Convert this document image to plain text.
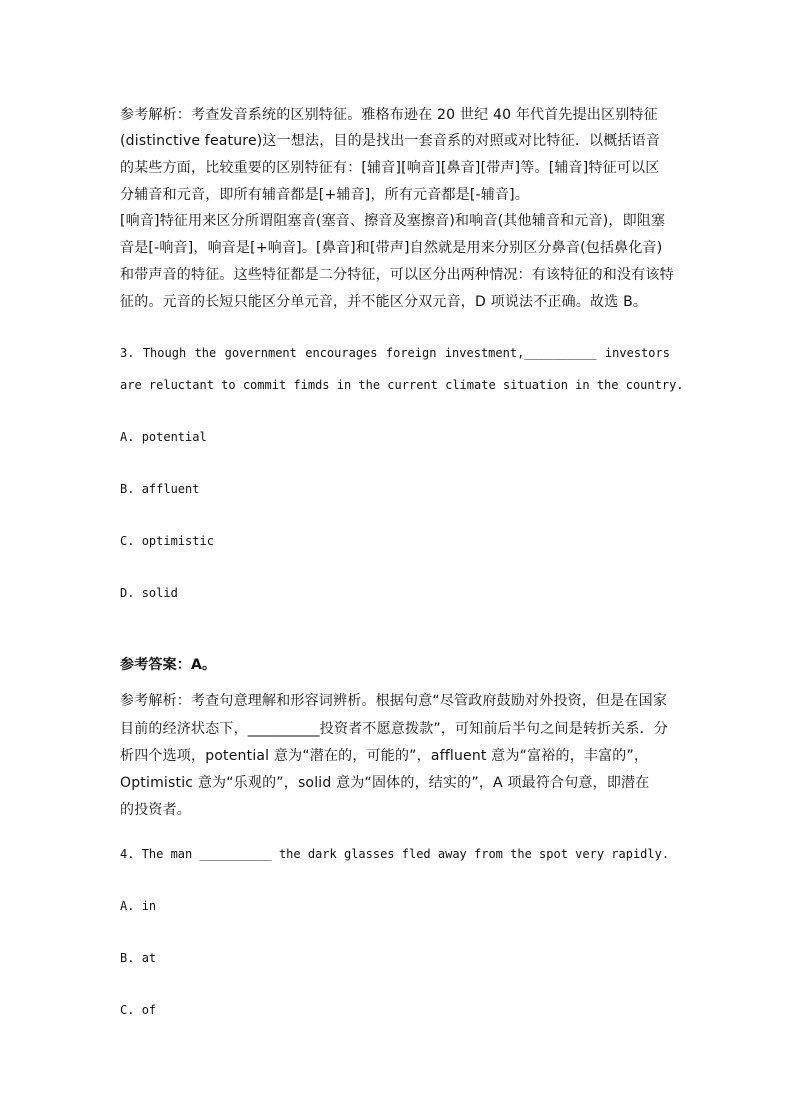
参考解析：考查发音系统的区别特征。雅格布逊在 20 世纪 40 年代首先提出区别特征
(distinctive feature)这一想法，目的是找出一套音系的对照或对比特征．以概括语音
的某些方面，比较重要的区别特征有：[辅音][响音][鼻音][带声]等。[辅音]特征可以区
分辅音和元音，即所有辅音都是[+辅音]，所有元音都是[-辅音]。
[响音]特征用来区分所谓阻塞音(塞音、擦音及塞擦音)和响音(其他辅音和元音)，即阻塞
音是[-响音]，响音是[+响音]。[鼻音]和[带声]自然就是用来分别区分鼻音(包括鼻化音)
和带声音的特征。这些特征都是二分特征，可以区分出两种情况：有该特征的和没有该特
征的。元音的长短只能区分单元音，并不能区分双元音，D 项说法不正确。故选 B。
3. Though the government encourages foreign investment,__________ investors
are reluctant to commit fimds in the current climate situation in the country.
A. potential
B. affluent
C. optimistic
D. solid
参考答案：A。
参考解析：考查句意理解和形容词辨析。根据句意“尽管政府鼓励对外投资，但是在国家
目前的经济状态下，__________投资者不愿意拨款”，可知前后半句之间是转折关系．分
析四个选项，potential 意为“潜在的，可能的”，affluent 意为“富裕的，丰富的”，
Optimistic 意为“乐观的”，solid 意为“固体的，结实的”，A 项最符合句意，即潜在
的投资者。
4. The man __________ the dark glasses fled away from the spot very rapidly.
A. in
B. at
C. of
